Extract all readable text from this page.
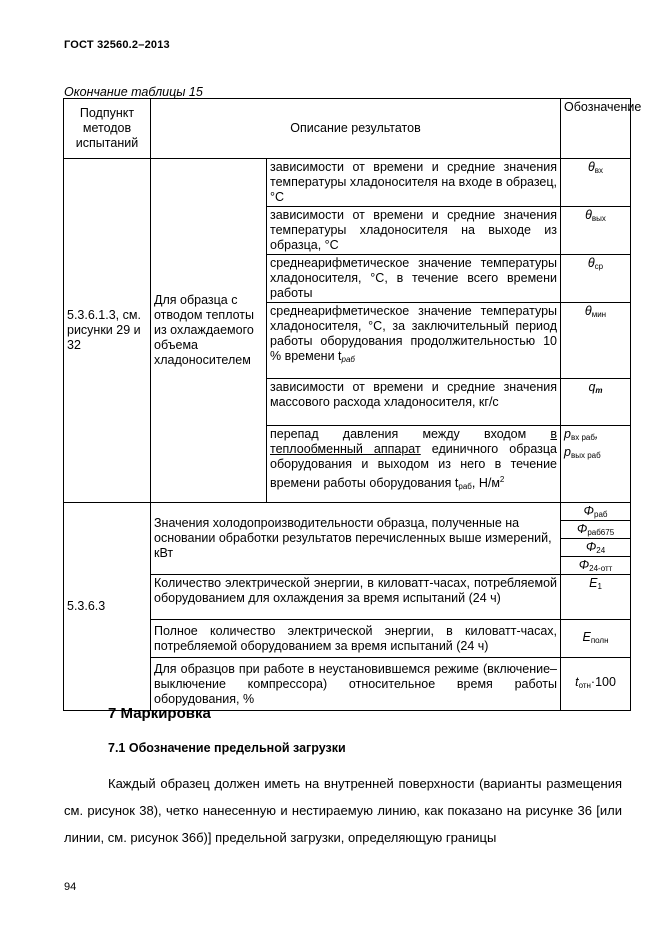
ГОСТ 32560.2–2013
Окончание таблицы 15
Подпункт методов испытаний	Описание результатов		Обозначение
5.3.6.1.3, см. рисунки 29 и 32	Для образца с отводом теплоты из охлаждаемого объема хладоносителем	зависимости от времени и средние значения температуры хладоносителя на входе в образец, °С	$\theta_{вх}$
		зависимости от времени и средние значения температуры хладоносителя на выходе из образца, °С	$\theta_{вых}$
		среднеарифметическое значение температуры хладоносителя, °С, в течение всего времени работы	$\theta_{ср}$
		среднеарифметическое значение температуры хладоносителя, °С, за заключительный период работы оборудования продолжительностью 10 % времени $t_{раб}$	$\theta_{мин}$
		зависимости от времени и средние значения массового расхода хладоносителя, кг/с	$q_m$
		перепад давления между входом в теплообменный аппарат единичного образца оборудования и выходом из него в течение времени работы оборудования $t_{раб}$, $Н/м^2$	$p_{вх раб}$,
$p_{вых раб}$
5.3.6.3	Значения холодопроизводительности образца, полученные на основании обработки результатов перечисленных выше измерений, кВт		$\Phi_{раб}$
$\Phi_{раб675}$
$\Phi_{24}$
$\Phi_{24-отт}$

	Количество электрической энергии, в киловатт-часах, потребляемой оборудованием для охлаждения за время испытаний (24 ч)		$E_1$
	Полное количество электрической энергии, в киловатт-часах, потребляемой оборудованием за время испытаний (24 ч)		$E_{полн}$
	Для образцов при работе в неустановившемся режиме (включение–выключение компрессора) относительное время работы оборудования, %		$t_{отн}\cdot 100$
7 Маркировка
7.1 Обозначение предельной загрузки
Каждый образец должен иметь на внутренней поверхности (варианты размещения см. рисунок 38), четко нанесенную и нестираемую линию, как показано на рисунке 36 [или линии, см. рисунок 36б)] предельной загрузки, определяющую границы
94
